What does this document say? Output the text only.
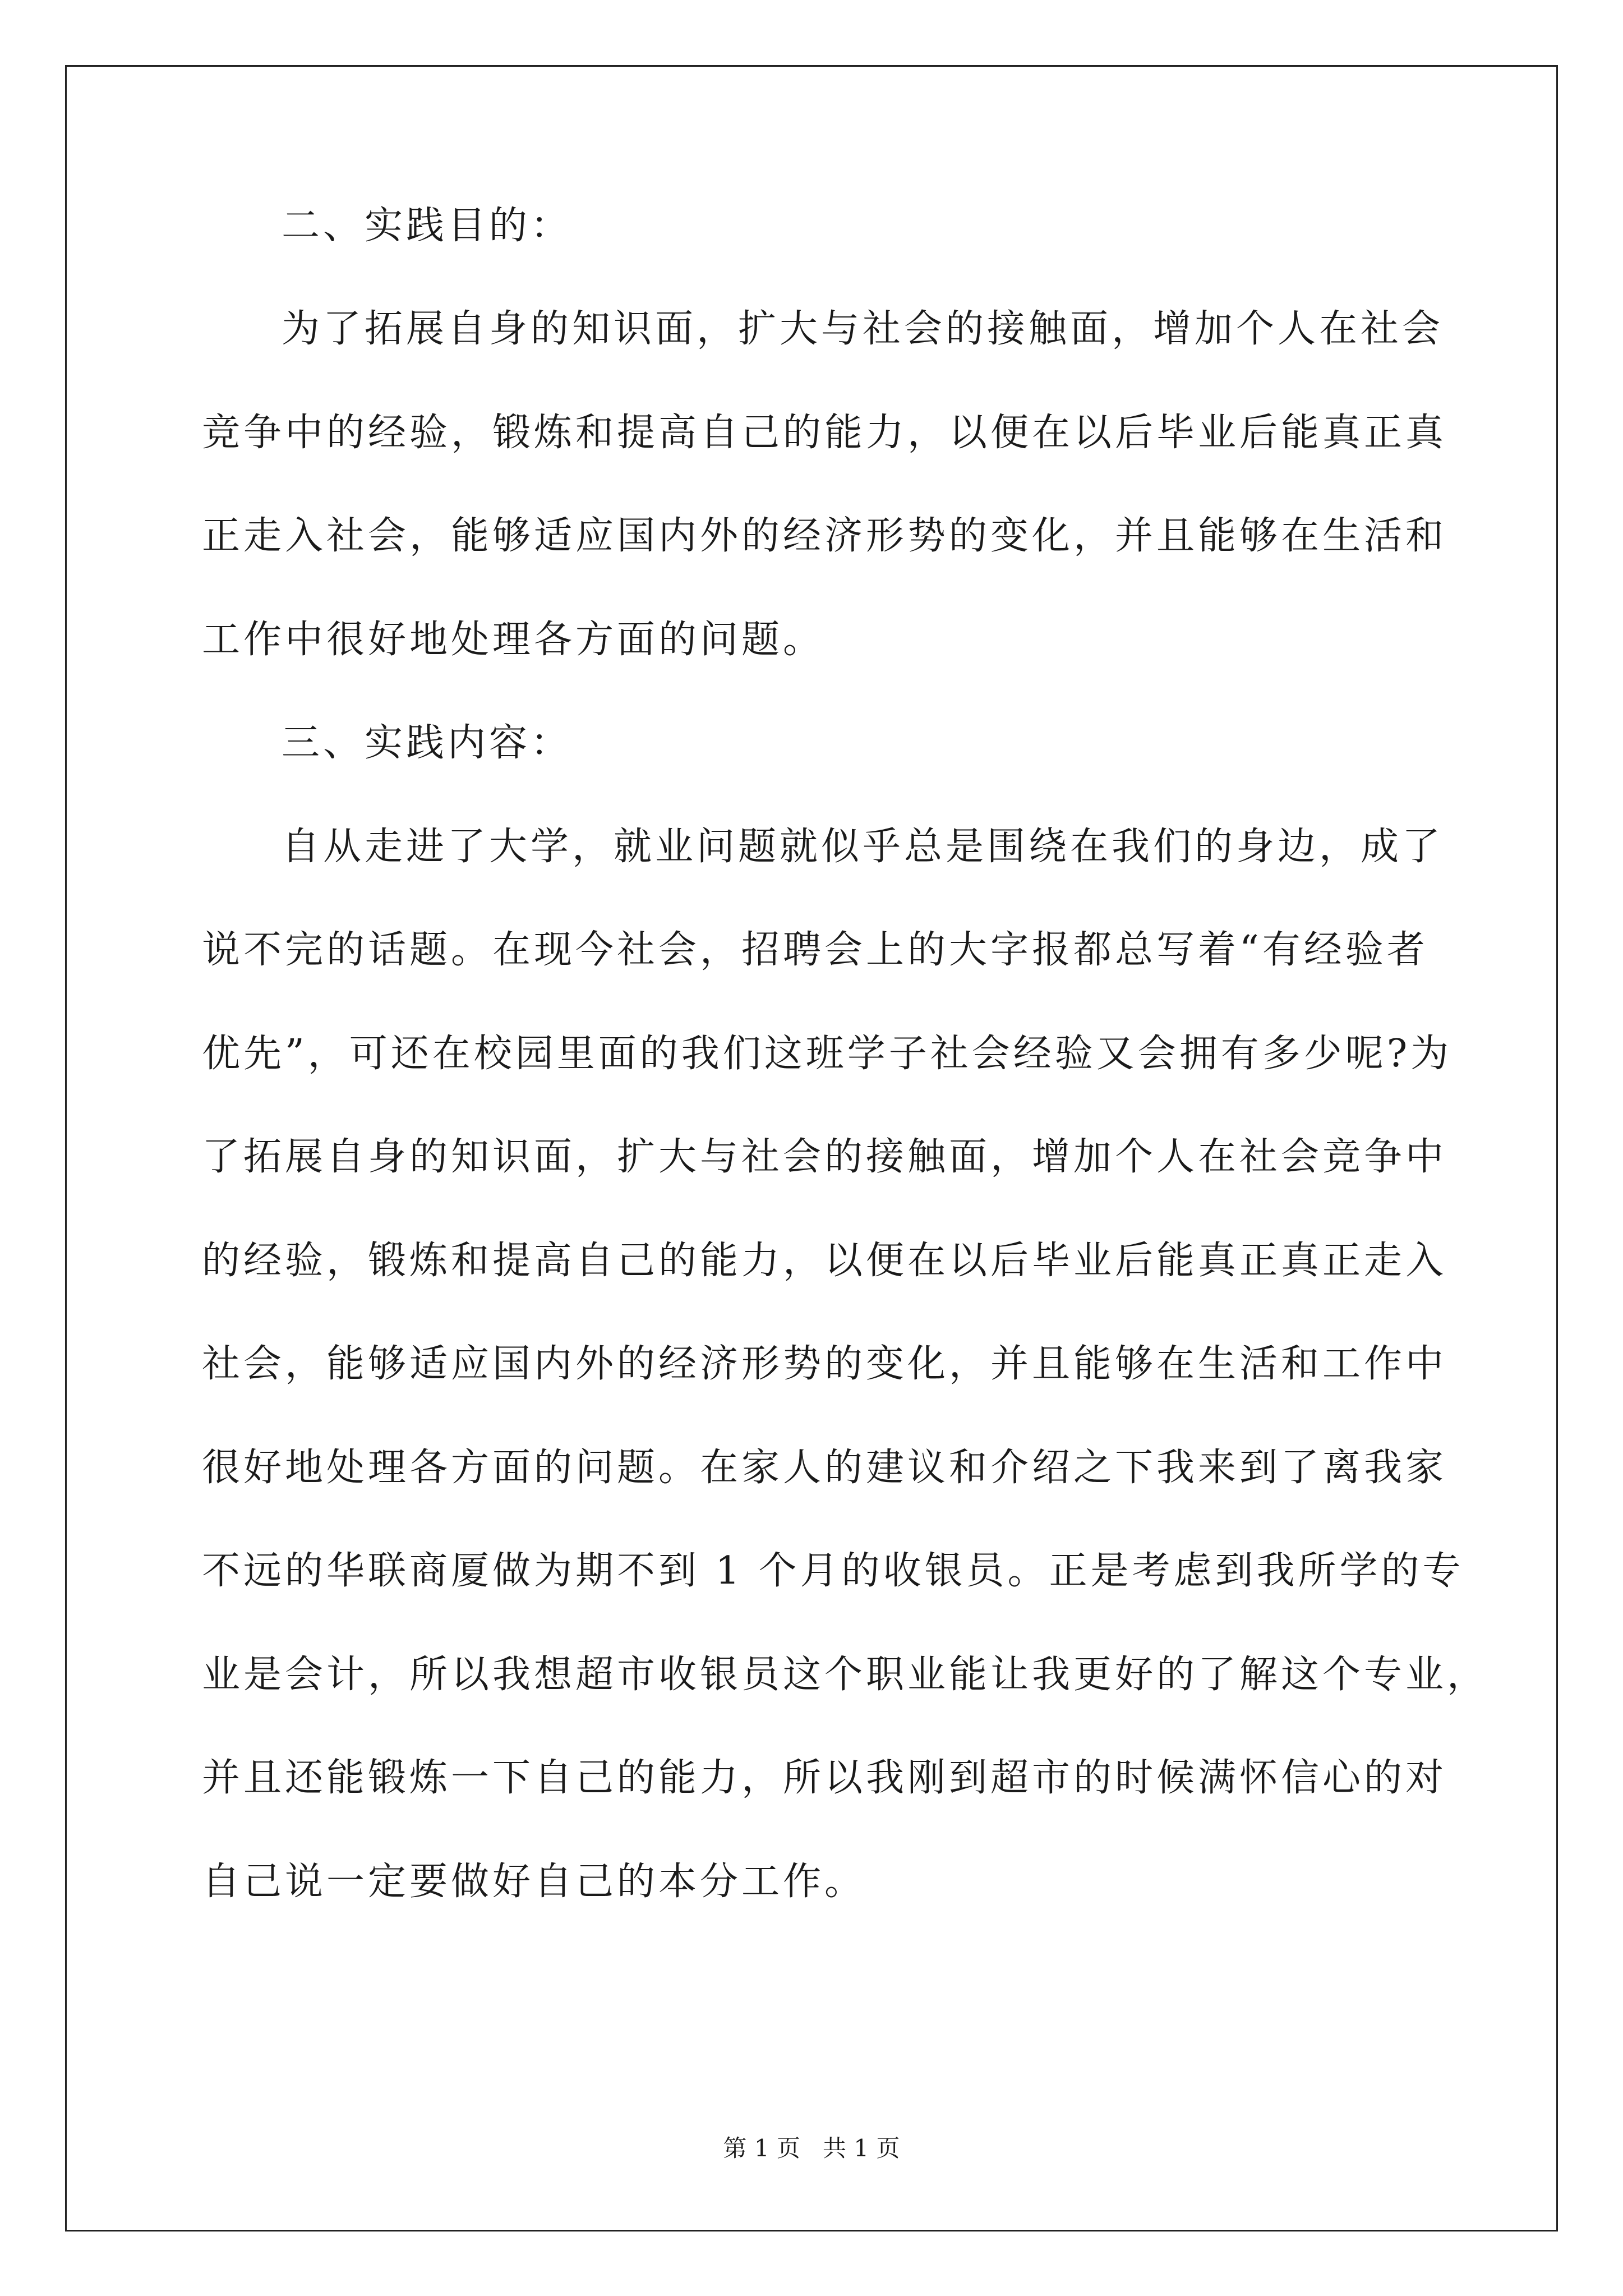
二、实践目的：
为了拓展自身的知识面，扩大与社会的接触面，增加个人在社会
竞争中的经验，锻炼和提高自己的能力，以便在以后毕业后能真正真
正走入社会，能够适应国内外的经济形势的变化，并且能够在生活和
工作中很好地处理各方面的问题。
三、实践内容：
自从走进了大学，就业问题就似乎总是围绕在我们的身边，成了
说不完的话题。在现今社会，招聘会上的大字报都总写着“有经验者
优先”，可还在校园里面的我们这班学子社会经验又会拥有多少呢?为
了拓展自身的知识面，扩大与社会的接触面，增加个人在社会竞争中
的经验，锻炼和提高自己的能力，以便在以后毕业后能真正真正走入
社会，能够适应国内外的经济形势的变化，并且能够在生活和工作中
很好地处理各方面的问题。在家人的建议和介绍之下我来到了离我家
不远的华联商厦做为期不到 1 个月的收银员。正是考虑到我所学的专
业是会计，所以我想超市收银员这个职业能让我更好的了解这个专业，
并且还能锻炼一下自己的能力，所以我刚到超市的时候满怀信心的对
自己说一定要做好自己的本分工作。
第 1 页   共 1 页
